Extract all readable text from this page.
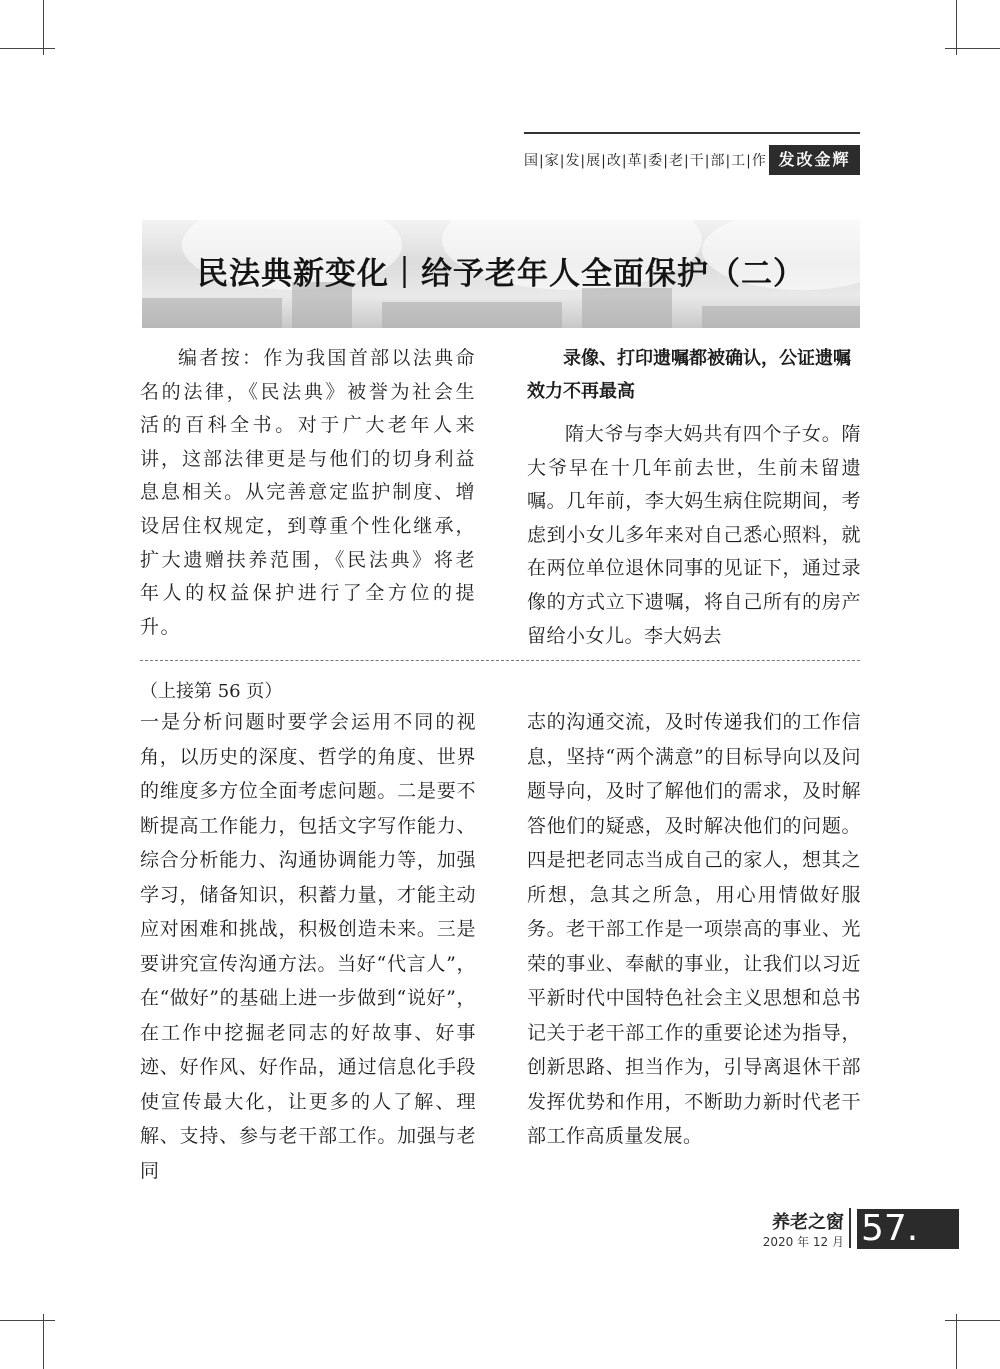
国|家|发|展|改|革|委|老|干|部|工|作 发改金辉
民法典新变化｜给予老年人全面保护（二）
编者按：作为我国首部以法典命名的法律，《民法典》被誉为社会生活的百科全书。对于广大老年人来讲，这部法律更是与他们的切身利益息息相关。从完善意定监护制度、增设居住权规定，到尊重个性化继承，扩大遗赠扶养范围，《民法典》将老年人的权益保护进行了全方位的提升。
录像、打印遗嘱都被确认，公证遗嘱效力不再最高
隋大爷与李大妈共有四个子女。隋大爷早在十几年前去世，生前未留遗嘱。几年前，李大妈生病住院期间，考虑到小女儿多年来对自己悉心照料，就在两位单位退休同事的见证下，通过录像的方式立下遗嘱，将自己所有的房产留给小女儿。李大妈去
（上接第 56 页）
一是分析问题时要学会运用不同的视角，以历史的深度、哲学的角度、世界的维度多方位全面考虑问题。二是要不断提高工作能力，包括文字写作能力、综合分析能力、沟通协调能力等，加强学习，储备知识，积蓄力量，才能主动应对困难和挑战，积极创造未来。三是要讲究宣传沟通方法。当好“代言人”，在“做好”的基础上进一步做到“说好”，在工作中挖掘老同志的好故事、好事迹、好作风、好作品，通过信息化手段使宣传最大化，让更多的人了解、理解、支持、参与老干部工作。加强与老同
志的沟通交流，及时传递我们的工作信息，坚持“两个满意”的目标导向以及问题导向，及时了解他们的需求，及时解答他们的疑惑，及时解决他们的问题。四是把老同志当成自己的家人，想其之所想，急其之所急，用心用情做好服务。老干部工作是一项崇高的事业、光荣的事业、奉献的事业，让我们以习近平新时代中国特色社会主义思想和总书记关于老干部工作的重要论述为指导，创新思路、担当作为，引导离退休干部发挥优势和作用，不断助力新时代老干部工作高质量发展。
养老之窗
2020 年 12 月 57.
